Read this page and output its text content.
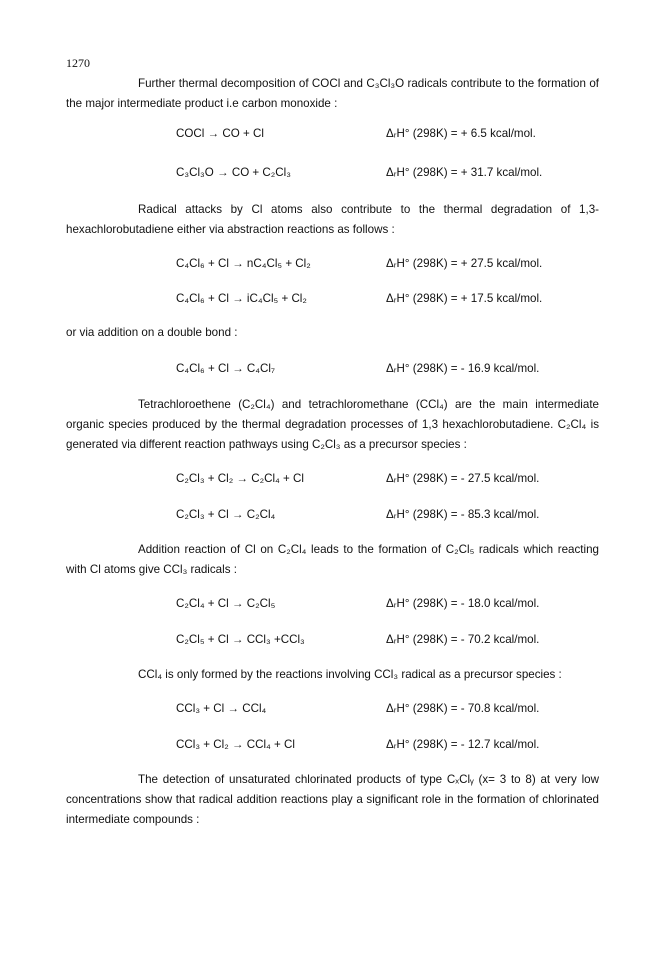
1270
Further thermal decomposition of COCl and C₃Cl₃O radicals contribute to the formation of the major intermediate product i.e carbon monoxide :
COCl → CO + Cl	ΔᵣH° (298K) = + 6.5 kcal/mol.
C₃Cl₃O → CO + C₂Cl₃	ΔᵣH° (298K) = + 31.7 kcal/mol.
Radical attacks by Cl atoms also contribute to the thermal degradation of 1,3-hexachlorobutadiene either via abstraction reactions as follows :
C₄Cl₆ + Cl → nC₄Cl₅ + Cl₂	ΔᵣH° (298K) = + 27.5 kcal/mol.
C₄Cl₆ + Cl → iC₄Cl₅ + Cl₂	ΔᵣH° (298K) = + 17.5 kcal/mol.
or via addition on a double bond :
C₄Cl₆ + Cl → C₄Cl₇	ΔᵣH° (298K) = - 16.9 kcal/mol.
Tetrachloroethene (C₂Cl₄) and tetrachloromethane (CCl₄) are the main intermediate organic species produced by the thermal degradation processes of 1,3 hexachlorobutadiene. C₂Cl₄ is generated via different reaction pathways using C₂Cl₃ as a precursor species :
C₂Cl₃ + Cl₂ → C₂Cl₄ + Cl	ΔᵣH° (298K) = - 27.5 kcal/mol.
C₂Cl₃ + Cl → C₂Cl₄	ΔᵣH° (298K) = - 85.3 kcal/mol.
Addition reaction of Cl on C₂Cl₄ leads to the formation of C₂Cl₅ radicals which reacting with Cl atoms give CCl₃ radicals :
C₂Cl₄ + Cl → C₂Cl₅	ΔᵣH° (298K) = - 18.0 kcal/mol.
C₂Cl₅ + Cl → CCl₃ +CCl₃	ΔᵣH° (298K) = - 70.2 kcal/mol.
CCl₄ is only formed by the reactions involving CCl₃ radical as a precursor species :
CCl₃ + Cl → CCl₄	ΔᵣH° (298K) = - 70.8 kcal/mol.
CCl₃ + Cl₂ → CCl₄ + Cl	ΔᵣH° (298K) = - 12.7 kcal/mol.
The detection of unsaturated chlorinated products of type CₓClᵧ (x= 3 to 8) at very low concentrations show that radical addition reactions play a significant role in the formation of chlorinated intermediate compounds :
